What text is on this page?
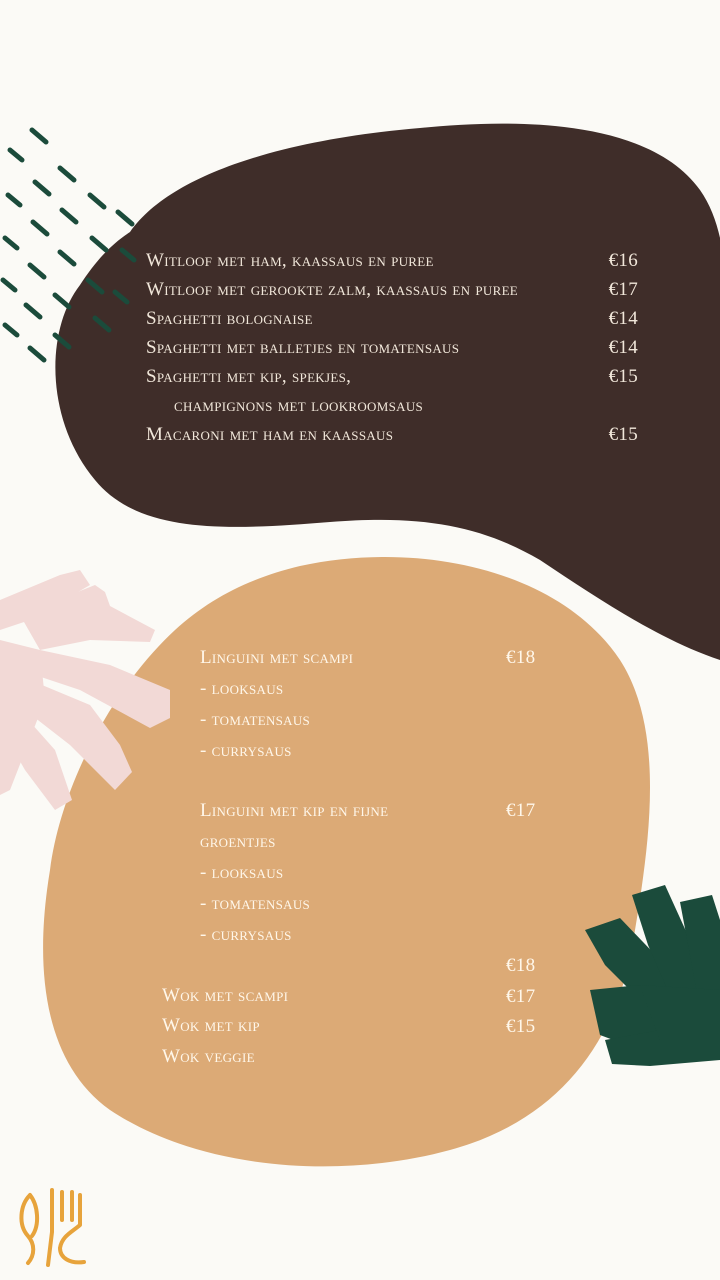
Witloof met ham, kaassaus en puree	€16
Witloof met gerookte zalm, kaassaus en puree	€17
Spaghetti bolognaise	€14
Spaghetti met balletjes en tomatensaus	€14
Spaghetti met kip, spekjes,	€15
champignons met lookroomsaus
Macaroni met ham en kaassaus	€15
Linguini met scampi	€18
- looksaus
- tomatensaus
- currysaus
Linguini met kip en fijne	€17
groentjes
- looksaus
- tomatensaus
- currysaus
€18
Wok met scampi	€17
Wok met kip	€15
Wok veggie
